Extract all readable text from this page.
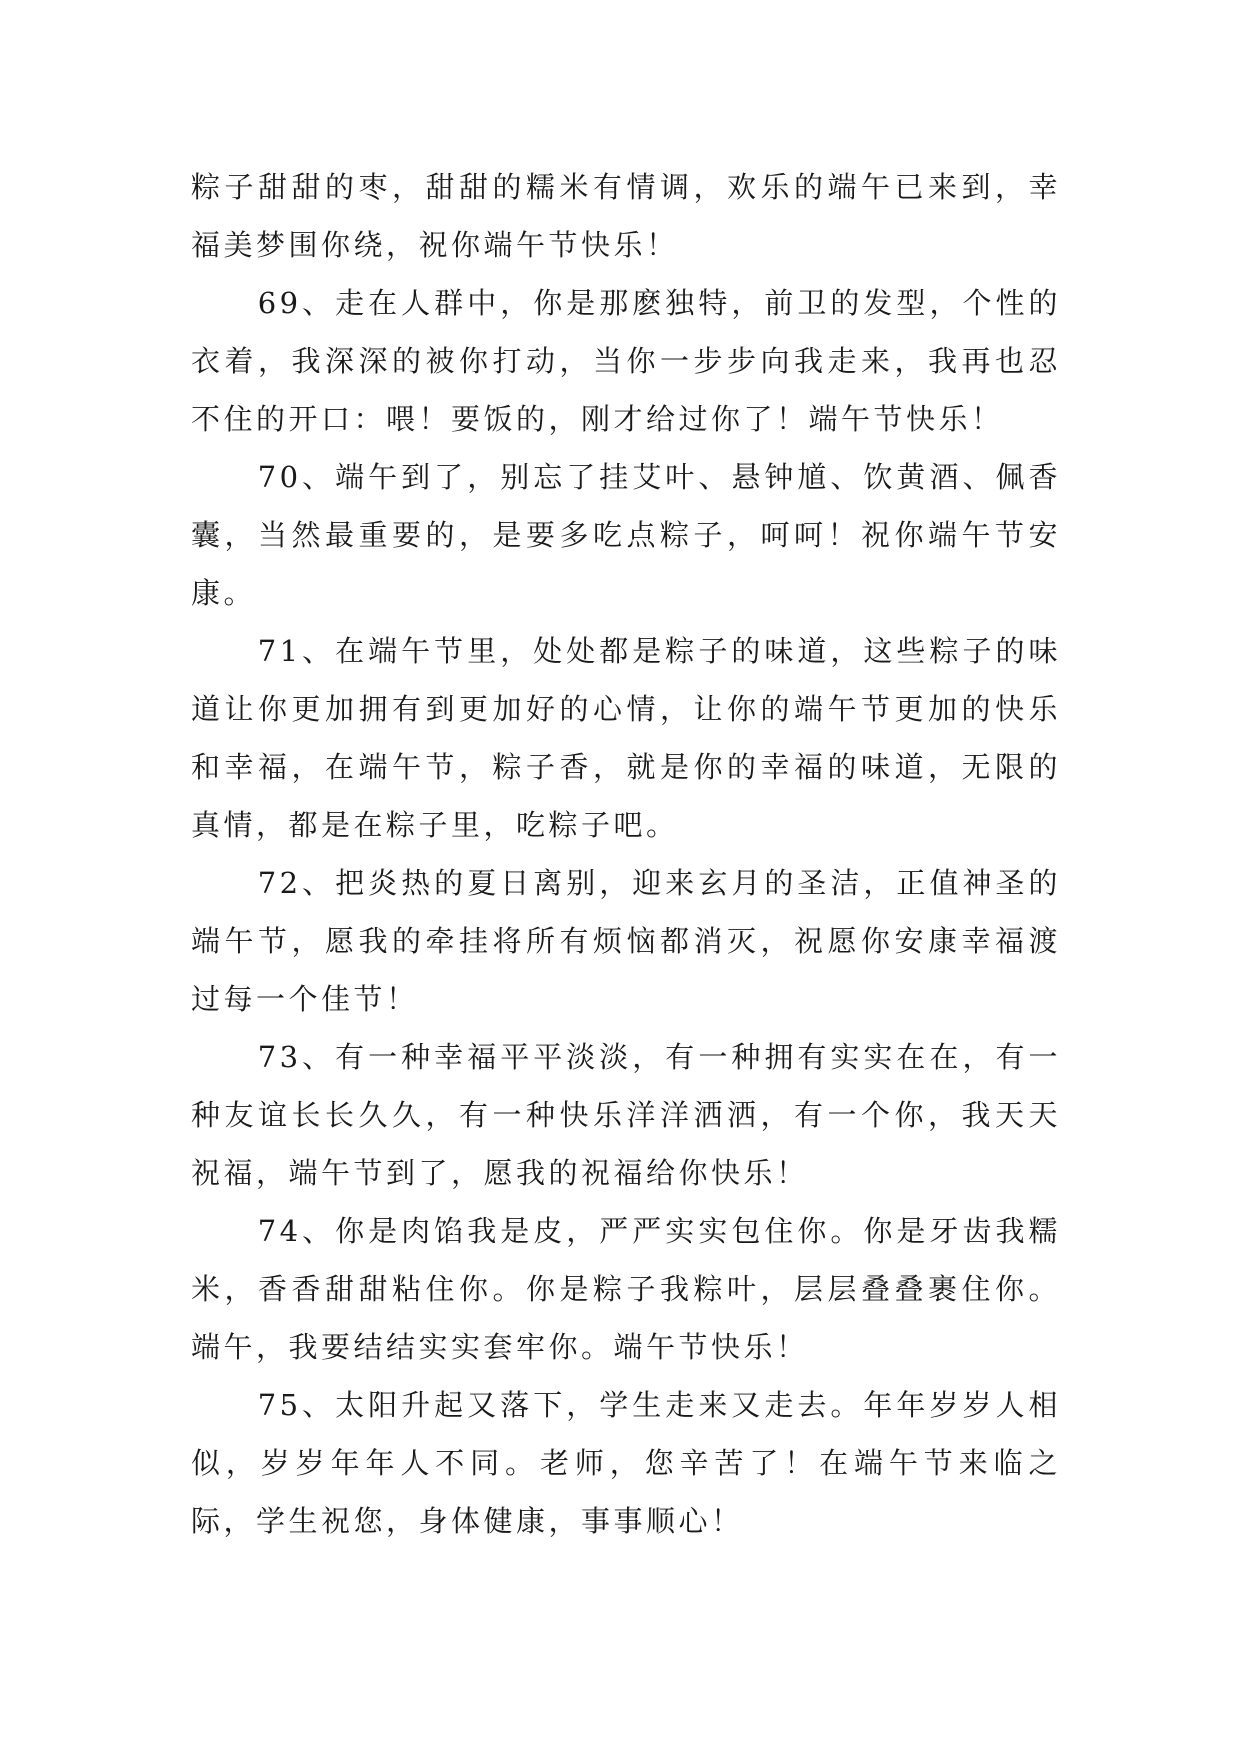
粽子甜甜的枣，甜甜的糯米有情调，欢乐的端午已来到，幸福美梦围你绕，祝你端午节快乐！

69、走在人群中，你是那麽独特，前卫的发型，个性的衣着，我深深的被你打动，当你一步步向我走来，我再也忍不住的开口：喂！要饭的，刚才给过你了！端午节快乐！

70、端午到了，别忘了挂艾叶、悬钟馗、饮黄酒、佩香囊，当然最重要的，是要多吃点粽子，呵呵！祝你端午节安康。

71、在端午节里，处处都是粽子的味道，这些粽子的味道让你更加拥有到更加好的心情，让你的端午节更加的快乐和幸福，在端午节，粽子香，就是你的幸福的味道，无限的真情，都是在粽子里，吃粽子吧。

72、把炎热的夏日离别，迎来玄月的圣洁，正值神圣的端午节，愿我的牵挂将所有烦恼都消灭，祝愿你安康幸福渡过每一个佳节！

73、有一种幸福平平淡淡，有一种拥有实实在在，有一种友谊长长久久，有一种快乐洋洋洒洒，有一个你，我天天祝福，端午节到了，愿我的祝福给你快乐！

74、你是肉馅我是皮，严严实实包住你。你是牙齿我糯米，香香甜甜粘住你。你是粽子我粽叶，层层叠叠裹住你。端午，我要结结实实套牢你。端午节快乐！

75、太阳升起又落下，学生走来又走去。年年岁岁人相似，岁岁年年人不同。老师，您辛苦了！在端午节来临之际，学生祝您，身体健康，事事顺心！
